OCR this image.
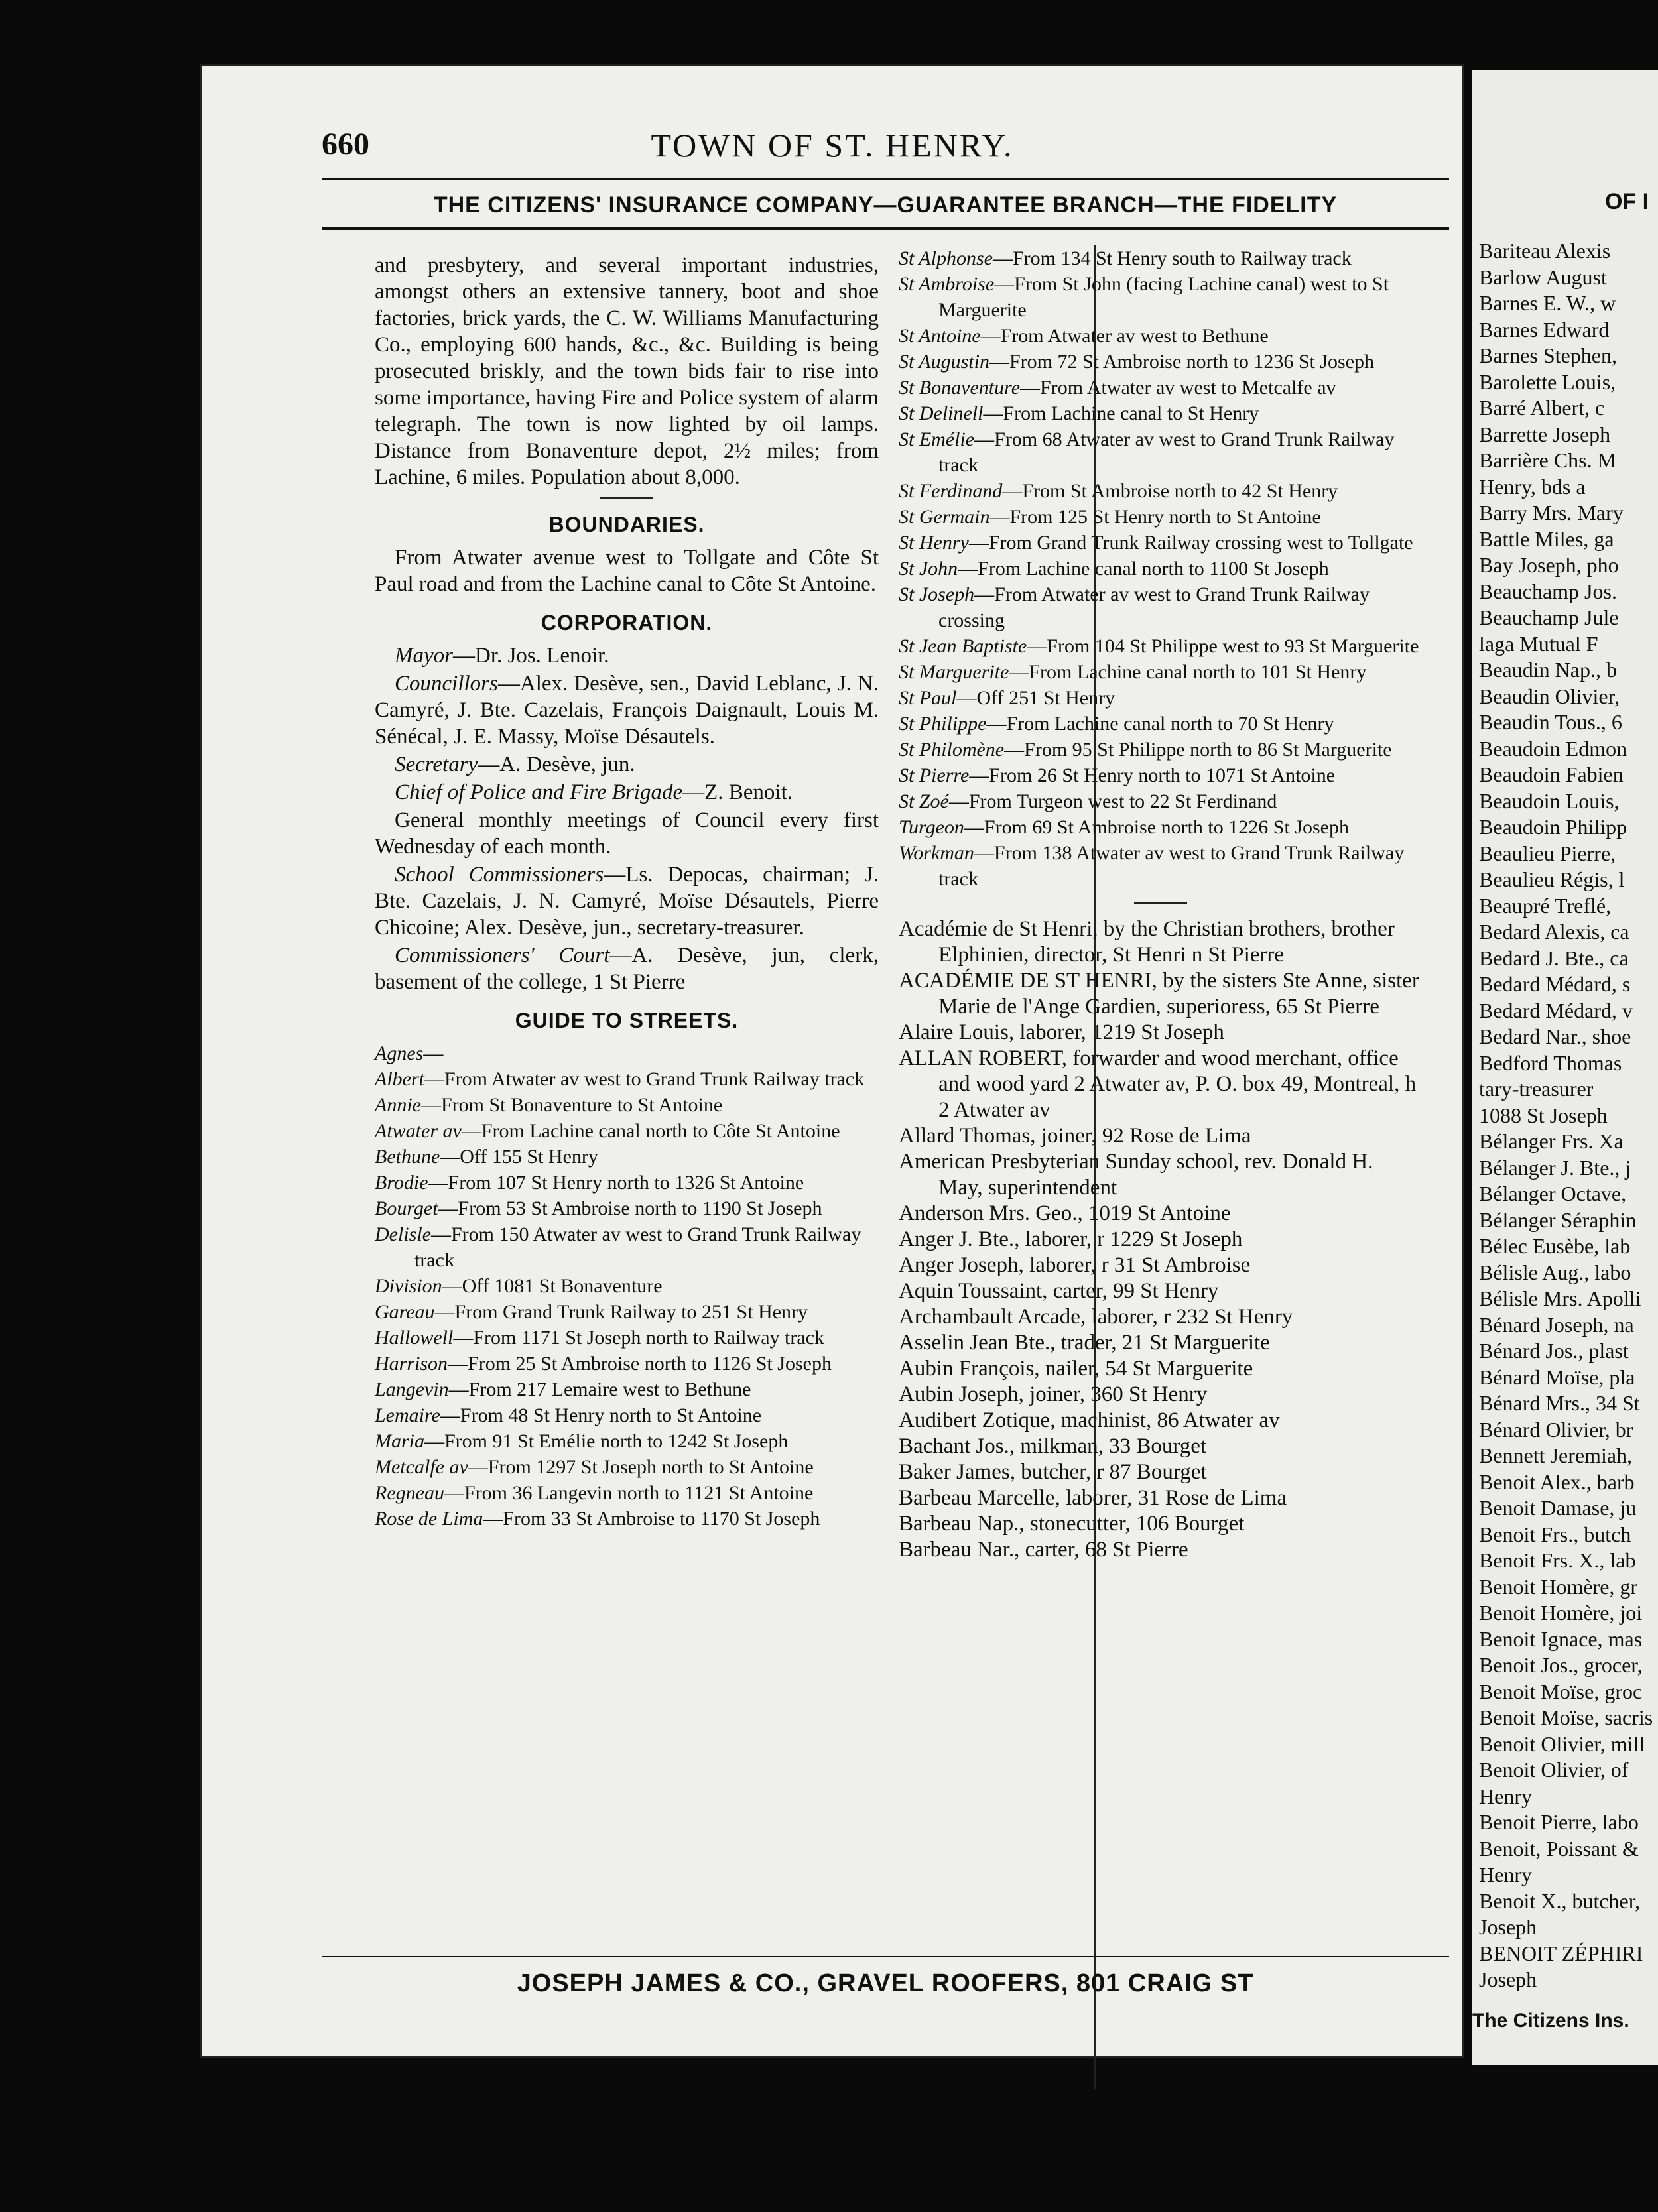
660	TOWN OF ST. HENRY.
THE CITIZENS' INSURANCE COMPANY—GUARANTEE BRANCH—THE FIDELITY

and presbytery, and several important industries, amongst others an extensive tannery, boot and shoe factories, brick yards, the C. W. Williams Manufacturing Co., employing 600 hands, &c., &c. Building is being prosecuted briskly, and the town bids fair to rise into some importance, having Fire and Police system of alarm telegraph. The town is now lighted by oil lamps. Distance from Bonaventure depot, 2½ miles; from Lachine, 6 miles. Population about 8,000.

BOUNDARIES.

From Atwater avenue west to Tollgate and Côte St Paul road and from the Lachine canal to Côte St Antoine.

CORPORATION.

Mayor—Dr. Jos. Lenoir.

Councillors—Alex. Desève, sen., David Leblanc, J. N. Camyré, J. Bte. Cazelais, François Daignault, Louis M. Sénécal, J. E. Massy, Moïse Désautels.

Secretary—A. Desève, jun.

Chief of Police and Fire Brigade—Z. Benoit.

General monthly meetings of Council every first Wednesday of each month.

School Commissioners—Ls. Depocas, chairman; J. Bte. Cazelais, J. N. Camyré, Moïse Désautels, Pierre Chicoine; Alex. Desève, jun., secretary-treasurer.

Commissioners' Court—A. Desève, jun, clerk, basement of the college, 1 St Pierre

GUIDE TO STREETS.

Agnes—

Albert—From Atwater av west to Grand Trunk Railway track

Annie—From St Bonaventure to St Antoine

Atwater av—From Lachine canal north to Côte St Antoine

Bethune—Off 155 St Henry

Brodie—From 107 St Henry north to 1326 St Antoine

Bourget—From 53 St Ambroise north to 1190 St Joseph

Delisle—From 150 Atwater av west to Grand Trunk Railway track

Division—Off 1081 St Bonaventure

Gareau—From Grand Trunk Railway to 251 St Henry

Hallowell—From 1171 St Joseph north to Railway track

Harrison—From 25 St Ambroise north to 1126 St Joseph

Langevin—From 217 Lemaire west to Bethune

Lemaire—From 48 St Henry north to St Antoine

Maria—From 91 St Emélie north to 1242 St Joseph

Metcalfe av—From 1297 St Joseph north to St Antoine

Regneau—From 36 Langevin north to 1121 St Antoine

Rose de Lima—From 33 St Ambroise to 1170 St Joseph

St Alphonse—From 134 St Henry south to Railway track

St Ambroise—From St John (facing Lachine canal) west to St Marguerite

St Antoine—From Atwater av west to Bethune

St Augustin—From 72 St Ambroise north to 1236 St Joseph

St Bonaventure—From Atwater av west to Metcalfe av

St Delinell—From Lachine canal to St Henry

St Emélie—From 68 Atwater av west to Grand Trunk Railway track

St Ferdinand—From St Ambroise north to 42 St Henry

St Germain—From 125 St Henry north to St Antoine

St Henry—From Grand Trunk Railway crossing west to Tollgate

St John—From Lachine canal north to 1100 St Joseph

St Joseph—From Atwater av west to Grand Trunk Railway crossing

St Jean Baptiste—From 104 St Philippe west to 93 St Marguerite

St Marguerite—From Lachine canal north to 101 St Henry

St Paul—Off 251 St Henry

St Philippe—From Lachine canal north to 70 St Henry

St Philomène—From 95 St Philippe north to 86 St Marguerite

St Pierre—From 26 St Henry north to 1071 St Antoine

St Zoé—From Turgeon west to 22 St Ferdinand

Turgeon—From 69 St Ambroise north to 1226 St Joseph

Workman—From 138 Atwater av west to Grand Trunk Railway track

Académie de St Henri, by the Christian brothers, brother Elphinien, director, St Henri n St Pierre

ACADÉMIE DE ST HENRI, by the sisters Ste Anne, sister Marie de l'Ange Gardien, superioress, 65 St Pierre

Alaire Louis, laborer, 1219 St Joseph

ALLAN ROBERT, forwarder and wood merchant, office and wood yard 2 Atwater av, P. O. box 49, Montreal, h 2 Atwater av

Allard Thomas, joiner, 92 Rose de Lima

American Presbyterian Sunday school, rev. Donald H. May, superintendent

Anderson Mrs. Geo., 1019 St Antoine

Anger J. Bte., laborer, r 1229 St Joseph

Anger Joseph, laborer, r 31 St Ambroise

Aquin Toussaint, carter, 99 St Henry

Archambault Arcade, laborer, r 232 St Henry

Asselin Jean Bte., trader, 21 St Marguerite

Aubin François, nailer, 54 St Marguerite

Aubin Joseph, joiner, 360 St Henry

Audibert Zotique, machinist, 86 Atwater av

Bachant Jos., milkman, 33 Bourget

Baker James, butcher, r 87 Bourget

Barbeau Marcelle, laborer, 31 Rose de Lima

Barbeau Nap., stonecutter, 106 Bourget

Barbeau Nar., carter, 68 St Pierre

JOSEPH JAMES & CO., GRAVEL ROOFERS, 801 CRAIG ST
OF I
Bariteau Alexis
Barlow August
Barnes E. W., w
Barnes Edward
Barnes Stephen,
Barolette Louis,
Barré Albert, c
Barrette Joseph
Barrière Chs. M
Henry, bds a
Barry Mrs. Mary
Battle Miles, ga
Bay Joseph, pho
Beauchamp Jos.
Beauchamp Jule
laga Mutual F
Beaudin Nap., b
Beaudin Olivier,
Beaudin Tous., 6
Beaudoin Edmon
Beaudoin Fabien
Beaudoin Louis,
Beaudoin Philipp
Beaulieu Pierre,
Beaulieu Régis, l
Beaupré Treflé,
Bedard Alexis, ca
Bedard J. Bte., ca
Bedard Médard, s
Bedard Médard, v
Bedard Nar., shoe
Bedford Thomas
tary-treasurer
1088 St Joseph
Bélanger Frs. Xa
Bélanger J. Bte., j
Bélanger Octave,
Bélanger Séraphin
Bélec Eusèbe, lab
Bélisle Aug., labo
Bélisle Mrs. Apolli
Bénard Joseph, na
Bénard Jos., plast
Bénard Moïse, pla
Bénard Mrs., 34 St
Bénard Olivier, br
Bennett Jeremiah,
Benoit Alex., barb
Benoit Damase, ju
Benoit Frs., butch
Benoit Frs. X., lab
Benoit Homère, gr
Benoit Homère, joi
Benoit Ignace, mas
Benoit Jos., grocer,
Benoit Moïse, groc
Benoit Moïse, sacris
Benoit Olivier, mill
Benoit Olivier, of
Henry
Benoit Pierre, labo
Benoit, Poissant &
Henry
Benoit X., butcher,
Joseph
BENOIT ZÉPHIRI
Joseph
The Citizens Ins.
